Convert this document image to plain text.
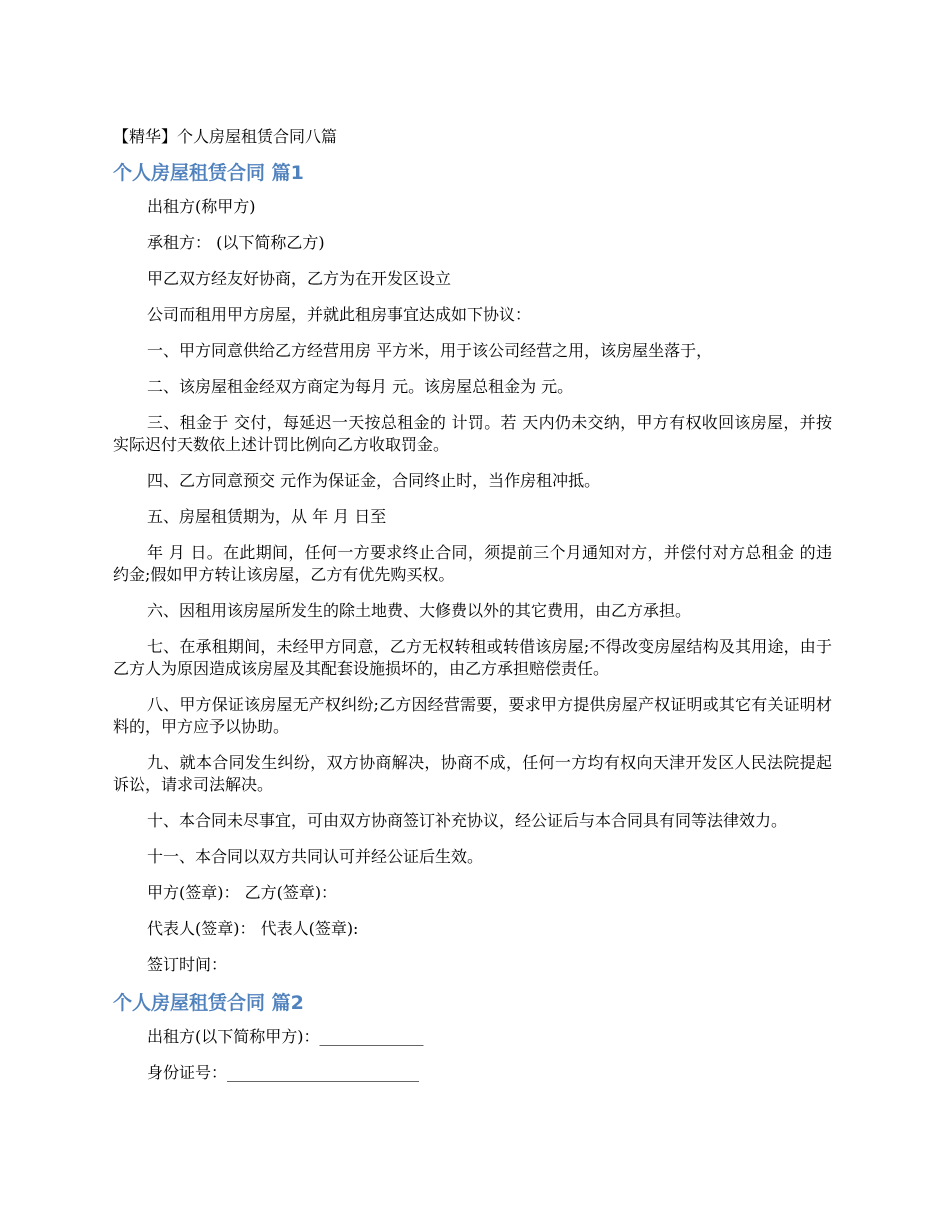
【精华】个人房屋租赁合同八篇
个人房屋租赁合同 篇1

出租方(称甲方)

承租方： (以下简称乙方)

甲乙双方经友好协商，乙方为在开发区设立

公司而租用甲方房屋，并就此租房事宜达成如下协议：

一、甲方同意供给乙方经营用房 平方米，用于该公司经营之用，该房屋坐落于，

二、该房屋租金经双方商定为每月 元。该房屋总租金为 元。

三、租金于 交付，每延迟一天按总租金的 计罚。若 天内仍未交纳，甲方有权收回该房屋，并按实际迟付天数依上述计罚比例向乙方收取罚金。

四、乙方同意预交 元作为保证金，合同终止时，当作房租冲抵。

五、房屋租赁期为，从 年 月 日至

年 月 日。在此期间，任何一方要求终止合同，须提前三个月通知对方，并偿付对方总租金 的违约金;假如甲方转让该房屋，乙方有优先购买权。

六、因租用该房屋所发生的除土地费、大修费以外的其它费用，由乙方承担。

七、在承租期间，未经甲方同意，乙方无权转租或转借该房屋;不得改变房屋结构及其用途，由于乙方人为原因造成该房屋及其配套设施损坏的，由乙方承担赔偿责任。

八、甲方保证该房屋无产权纠纷;乙方因经营需要，要求甲方提供房屋产权证明或其它有关证明材料的，甲方应予以协助。

九、就本合同发生纠纷，双方协商解决，协商不成，任何一方均有权向天津开发区人民法院提起诉讼，请求司法解决。

十、本合同未尽事宜，可由双方协商签订补充协议，经公证后与本合同具有同等法律效力。

十一、本合同以双方共同认可并经公证后生效。

甲方(签章)： 乙方(签章)：

代表人(签章)： 代表人(签章):

签订时间：

个人房屋租赁合同 篇2

出租方(以下简称甲方)：_____________

身份证号：________________________
